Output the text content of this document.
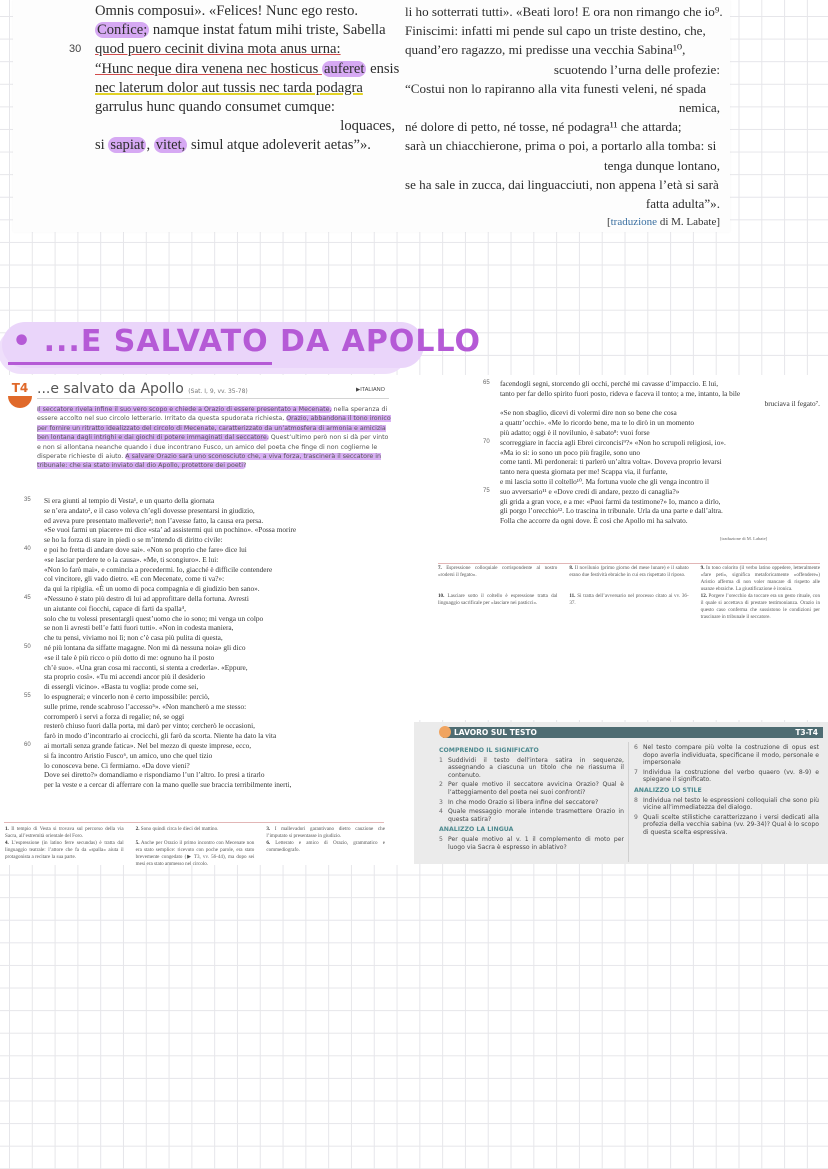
Omnis composui». «Felices! Nunc ego resto.
Confice; namque instat fatum mihi triste, Sabella
30 quod puero cecinit divina mota anus urna:
“Hunc neque dira venena nec hosticus auferet ensis
nec laterum dolor aut tussis nec tarda podagra
garrulus hunc quando consumet cumque:
loquaces,
si sapiat , vitet, simul atque adoleverit aetas”».
li ho sotterrati tutti». «Beati loro! E ora non rimango che io⁹.
Finiscimi: infatti mi pende sul capo un triste destino, che,
quand’ero ragazzo, mi predisse una vecchia Sabina¹⁰,
scuotendo l’urna delle profezie:
“Costui non lo rapiranno alla vita funesti veleni, né spada
nemica,
né dolore di petto, né tosse, né podagra¹¹ che attarda;
sarà un chiacchierone, prima o poi, a portarlo alla tomba: si
tenga dunque lontano,
se ha sale in zucca, dai linguacciuti, non appena l’età si sarà
fatta adulta”».
[traduzione di M. Labate]
• ...E SALVATO DA APOLLO
T4 ...e salvato da Apollo (Sat. I, 9, vv. 35-78)	▶ITALIANO
Il seccatore rivela infine il suo vero scopo e chiede a Orazio di essere presentato a Mecenate, nella speranza di essere accolto nel suo circolo letterario. Irritato da questa spudorata richiesta, Orazio, abbandona il tono ironico per fornire un ritratto idealizzato del circolo di Mecenate, caratterizzato da un’atmosfera di armonia e amicizia ben lontana dagli intrighi e dai giochi di potere immaginati dal seccatore. Quest’ultimo però non si dà per vinto e non si allontana neanche quando i due incontrano Fusco, un amico del poeta che finge di non coglierne le disperate richieste di aiuto. A salvare Orazio sarà uno sconosciuto che, a viva forza, trascinerà il seccatore in tribunale: che sia stato inviato dal dio Apollo, protettore dei poeti?
35 Si era giunti al tempio di Vesta¹, e un quarto della giornata
se n’era andato², e il caso voleva ch’egli dovesse presentarsi in giudizio,
ed aveva pure presentato malleverie³; non l’avesse fatto, la causa era persa.
«Se vuoi farmi un piacere» mi dice «sta’ ad assistermi qui un pochino». «Possa morire
se ho la forza di stare in piedi o se m’intendo di diritto civile:
40 e poi ho fretta di andare dove sai». «Non so proprio che fare» dice lui
«se lasciar perdere te o la causa». «Me, ti scongiuro». E lui:
«Non lo farò mai», e comincia a precedermi. Io, giacché è difficile contendere
col vincitore, gli vado dietro. «E con Mecenate, come ti va?»:
da qui la ripiglia. «È un uomo di poca compagnia e di giudizio ben sano».
45 «Nessuno è stato più destro di lui ad approfittare della fortuna. Avresti
un aiutante coi fiocchi, capace di farti da spalla⁴,
solo che tu volessi presentargli quest’uomo che io sono; mi venga un colpo
se non li avresti bell’e fatti fuori tutti». «Non in codesta maniera,
che tu pensi, viviamo noi lì; non c’è casa più pulita di questa,
50 né più lontana da siffatte magagne. Non mi dà nessuna noia» gli dico
«se il tale è più ricco o più dotto di me: ognuno ha il posto
ch’è suo». «Una gran cosa mi racconti, si stenta a crederla». «Eppure,
sta proprio così». «Tu mi accendi ancor più il desiderio
di essergli vicino». «Basta tu voglia: prode come sei,
55 lo espugnerai; e vincerlo non è certo impossibile: perciò,
sulle prime, rende scabroso l’accesso⁵». «Non mancherò a me stesso:
corromperò i servi a forza di regalie; né, se oggi
resterò chiuso fuori dalla porta, mi darò per vinto; cercherò le occasioni,
farò in modo d’incontrarlo ai crocicchi, gli farò da scorta. Niente ha dato la vita
60 ai mortali senza grande fatica». Nel bel mezzo di queste imprese, ecco,
si fa incontro Aristio Fusco⁶, un amico, uno che quel tizio
lo conosceva bene. Ci fermiamo. «Da dove vieni?
Dove sei diretto?» domandiamo e rispondiamo l’un l’altro. Io presi a tirarlo
per la veste e a cercar di afferrare con la mano quelle sue braccia terribilmente inerti,
1. Il tempio di Vesta si trovava sul percorso della via Sacra, all’estremità orientale del Foro.
2. Sono quindi circa le dieci del mattino.	3. I mallevadori garantivano dietro cauzione che l’imputato si presentasse in giudizio.
4. L’espressione (in latino ferre secundas) è tratta dal linguaggio teatrale: l’attore che fa da «spalla» aiuta il protagonista a recitare la sua parte.
5. Anche per Orazio il primo incontro con Mecenate non era stato semplice: ricevuto con poche parole, era stato brevemente congedato (▶ T3, vv. 56-44), ma dopo sei mesi era stato ammesso nel circolo.
6. Letterato e amico di Orazio, grammatico e commediografo.
65 facendogli segni, storcendo gli occhi, perché mi cavasse d’impaccio. E lui,
tanto per far dello spirito fuori posto, rideva e faceva il tonto; a me, intanto, la bile
bruciava il fegato⁷.
«Se non sbaglio, dicevi di volermi dire non so bene che cosa
a quattr’occhi». «Me lo ricordo bene, ma te lo dirò in un momento
più adatto; oggi è il novilunio, è sabato⁸: vuoi forse
70 scorreggiare in faccia agli Ebrei circoncisi⁹?» «Non ho scrupoli religiosi, io».
«Ma io sì: io sono un poco più fragile, sono uno
come tanti. Mi perdonerai: ti parlerò un’altra volta». Doveva proprio levarsi
tanto nera questa giornata per me! Scappa via, il furfante,
e mi lascia sotto il coltello¹⁰. Ma fortuna vuole che gli venga incontro il
75 suo avversario¹¹ e «Dove credi di andare, pezzo di canaglia?»
gli grida a gran voce, e a me: «Puoi farmi da testimone?» Io, manco a dirlo,
gli porgo l’orecchio¹². Lo trascina in tribunale. Urla da una parte e dall’altra.
Folla che accorre da ogni dove. È così che Apollo mi ha salvato.
[traduzione di M. Labate]
7. Espressione colloquiale corrispondente al nostro «rodersi il fegato».
8. Il novilunio (primo giorno del mese lunare) e il sabato erano due festività ebraiche in cui era rispettato il riposo.
9. In tono colorito (il verbo latino oppedere, letteralmente «fare peti», significa metaforicamente «offendere») Aristio afferma di non voler mancare di rispetto alle usanze ebraiche. La giustificazione è ironica.
10. Lasciare sotto il coltello è espressione tratta dal linguaggio sacrificale per «lasciare nei pasticci».
11. Si tratta dell’avversario nel processo citato ai vv. 36-37.
12. Porgere l’orecchio da toccare era un gesto rituale, con il quale si accettava di prestare testimonianza. Orazio in questo caso conferma che sussistono le condizioni per trascinare in tribunale il seccatore.
LAVORO SUL TESTO	T3-T4
COMPRENDO IL SIGNIFICATO
1 Suddividi il testo dell’intera satira in sequenze, assegnando a ciascuna un titolo che ne riassuma il contenuto.
2 Per quale motivo il seccatore avvicina Orazio? Qual è l’atteggiamento del poeta nei suoi confronti?
3 In che modo Orazio si libera infine del seccatore?
4 Quale messaggio morale intende trasmettere Orazio in questa satira?
ANALIZZO LA LINGUA
5 Per quale motivo al v. 1 il complemento di moto per luogo via Sacra è espresso in ablativo?
6 Nel testo compare più volte la costruzione di opus est dopo averla individuata, specificane il modo, personale e impersonale
7 Individua la costruzione del verbo quaero (vv. 8-9) e spiegane il significato.
ANALIZZO LO STILE
8 Individua nel testo le espressioni colloquiali che sono più vicine all’immediatezza del dialogo.
9 Quali scelte stilistiche caratterizzano i versi dedicati alla profezia della vecchia sabina (vv. 29-34)? Qual è lo scopo di questa scelta espressiva.
